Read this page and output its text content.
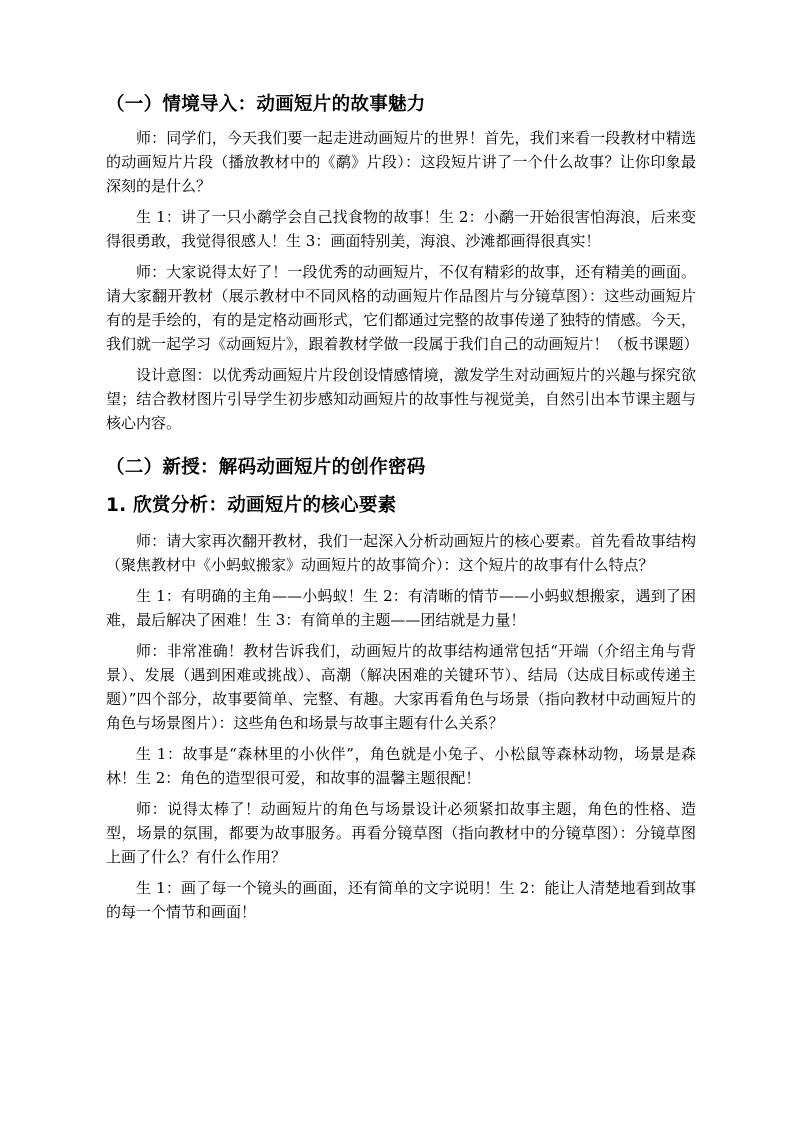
（一）情境导入：动画短片的故事魅力

师：同学们，今天我们要一起走进动画短片的世界！首先，我们来看一段教材中精选的动画短片片段（播放教材中的《鹬》片段）：这段短片讲了一个什么故事？让你印象最深刻的是什么？

生 1：讲了一只小鹬学会自己找食物的故事！生 2：小鹬一开始很害怕海浪，后来变得很勇敢，我觉得很感人！生 3：画面特别美，海浪、沙滩都画得很真实！

师：大家说得太好了！一段优秀的动画短片，不仅有精彩的故事，还有精美的画面。请大家翻开教材（展示教材中不同风格的动画短片作品图片与分镜草图）：这些动画短片有的是手绘的，有的是定格动画形式，它们都通过完整的故事传递了独特的情感。今天，我们就一起学习《动画短片》，跟着教材学做一段属于我们自己的动画短片！（板书课题）

设计意图：以优秀动画短片片段创设情感情境，激发学生对动画短片的兴趣与探究欲望；结合教材图片引导学生初步感知动画短片的故事性与视觉美，自然引出本节课主题与核心内容。

（二）新授：解码动画短片的创作密码
1. 欣赏分析：动画短片的核心要素

师：请大家再次翻开教材，我们一起深入分析动画短片的核心要素。首先看故事结构（聚焦教材中《小蚂蚁搬家》动画短片的故事简介）：这个短片的故事有什么特点？

生 1：有明确的主角——小蚂蚁！生 2：有清晰的情节——小蚂蚁想搬家，遇到了困难，最后解决了困难！生 3：有简单的主题——团结就是力量！

师：非常准确！教材告诉我们，动画短片的故事结构通常包括“开端（介绍主角与背景）、发展（遇到困难或挑战）、高潮（解决困难的关键环节）、结局（达成目标或传递主题）”四个部分，故事要简单、完整、有趣。大家再看角色与场景（指向教材中动画短片的角色与场景图片）：这些角色和场景与故事主题有什么关系？

生 1：故事是“森林里的小伙伴”，角色就是小兔子、小松鼠等森林动物，场景是森林！生 2：角色的造型很可爱，和故事的温馨主题很配！

师：说得太棒了！动画短片的角色与场景设计必须紧扣故事主题，角色的性格、造型，场景的氛围，都要为故事服务。再看分镜草图（指向教材中的分镜草图）：分镜草图上画了什么？有什么作用？

生 1：画了每一个镜头的画面，还有简单的文字说明！生 2：能让人清楚地看到故事的每一个情节和画面！
